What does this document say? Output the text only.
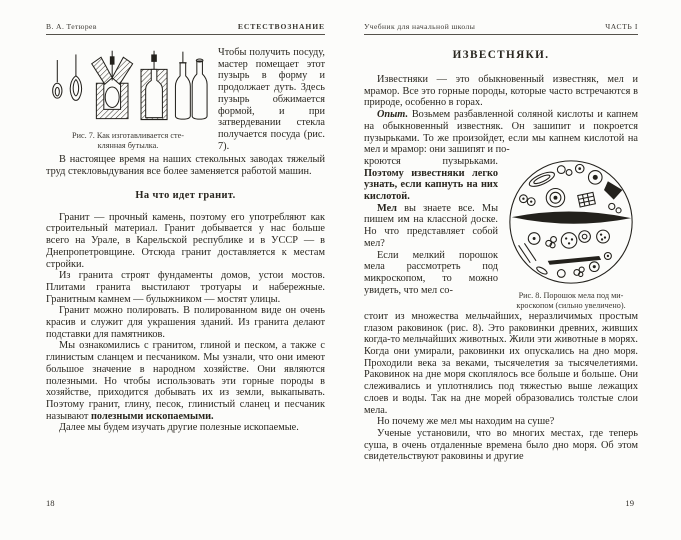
В. А. Тетюрев	ЕСТЕСТВОЗНАНИЕ
Рис. 7. Как изготавливается сте-
клянная бутылка.

Чтобы получить посуду, мастер помещает этот пузырь в форму и продолжает дуть. Здесь пузырь обжимается формой, и при затвердевании стекла получается посуда (рис. 7).

В настоящее время на наших стекольных заводах тяжелый труд стекловыдувания все более заменяется работой машин.

На что идет гранит.

Гранит — прочный камень, поэтому его употребляют как строительный материал. Гранит добывается у нас больше всего на Урале, в Карельской республике и в УССР — в Днепропетровщине. Отсюда гранит доставляется к местам стройки.

Из гранита строят фундаменты домов, устои мостов. Плитами гранита выстилают тротуары и набережные. Гранитным камнем — булыжником — мостят улицы.

Гранит можно полировать. В полированном виде он очень красив и служит для украшения зданий. Из гранита делают подставки для памятников.

Мы ознакомились с гранитом, глиной и песком, а также с глинистым сланцем и песчаником. Мы узнали, что они имеют большое значение в народном хозяйстве. Они являются полезными. Но чтобы использовать эти горные породы в хозяйстве, приходится добывать их из земли, выкапывать. Поэтому гранит, глину, песок, глинистый сланец и песчаник называют полезными ископаемыми.

Далее мы будем изучать другие полезные ископаемые.

18
Учебник для начальной школы	ЧАСТЬ I
ИЗВЕСТНЯКИ.

Известняки — это обыкновенный известняк, мел и мрамор. Все это горные породы, которые часто встречаются в природе, особенно в горах.

Опыт. Возьмем разбавленной соляной кислоты и капнем на обыкновенный известняк. Он зашипит и покроется пузырьками. То же произойдет, если мы капнем кислотой на мел и мрамор: они зашипят и по-

кроются пузырьками. Поэтому известняки легко узнать, если капнуть на них кислотой.

Мел вы знаете все. Мы пишем им на классной доске. Но что представляет собой мел?

Если мелкий порошок мела рассмотреть под микроскопом, то можно увидеть, что мел со-	Рис. 8. Порошок мела под ми-
кроскопом (сильно увеличено).

стоит из множества мельчайших, неразличимых простым глазом раковинок (рис. 8). Это раковинки древних, живших когда-то мельчайших животных. Жили эти животные в морях. Когда они умирали, раковинки их опускались на дно моря. Проходили века за веками, тысячелетия за тысячелетиями. Раковинок на дне моря скоплялось все больше и больше. Они слеживались и уплотнялись под тяжестью выше лежащих слоев и воды. Так на дне морей образовались толстые слои мела.

Но почему же мел мы находим на суше?

Ученые установили, что во многих местах, где теперь суша, в очень отдаленные времена было дно моря. Об этом свидетельствуют раковины и другие

19
